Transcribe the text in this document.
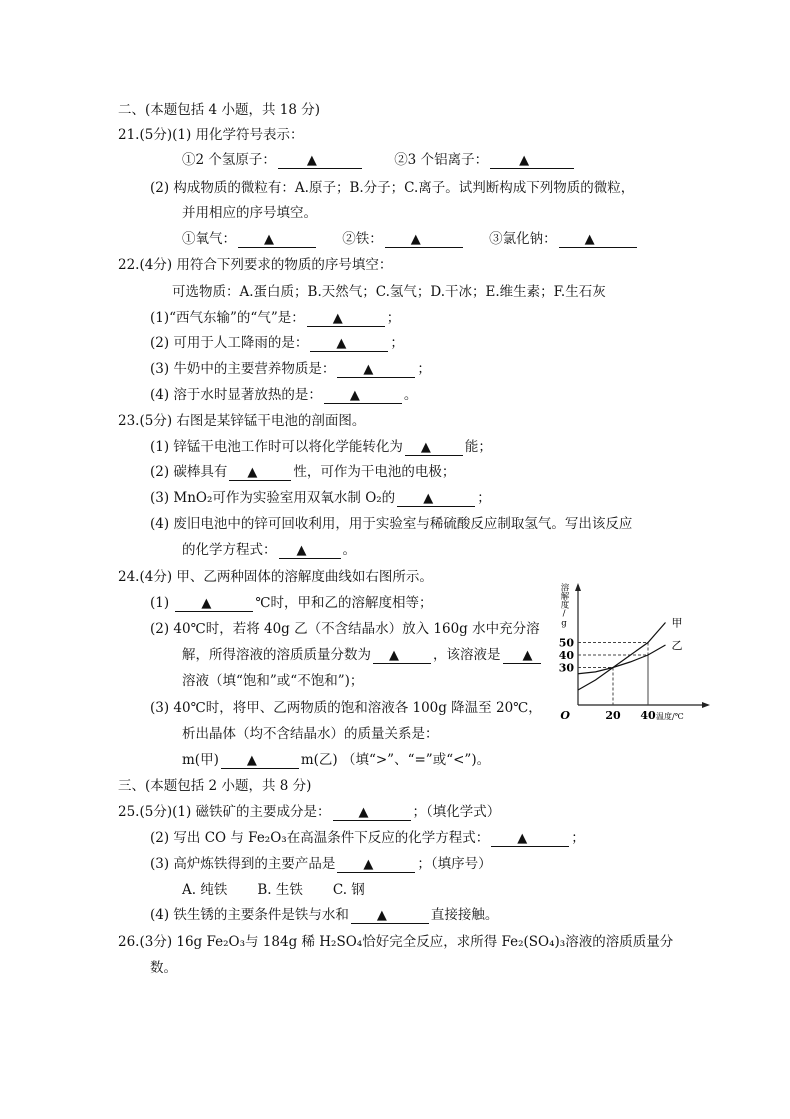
二、(本题包括 4 小题，共 18 分)
21.(5分)(1) 用化学符号表示：
①2 个氢原子： ▲	②3 个铝离子： ▲
(2) 构成物质的微粒有：A.原子；B.分子；C.离子。试判断构成下列物质的微粒，
并用相应的序号填空。
①氧气： ▲	②铁： ▲	③氯化钠： ▲
22.(4分) 用符合下列要求的物质的序号填空：
可选物质：A.蛋白质；B.天然气；C.氢气；D.干冰；E.维生素；F.生石灰
(1)“西气东输”的“气”是： ▲	；
(2) 可用于人工降雨的是： ▲	；
(3) 牛奶中的主要营养物质是： ▲	；
(4) 溶于水时显著放热的是： ▲	。
23.(5分) 右图是某锌锰干电池的剖面图。
(1) 锌锰干电池工作时可以将化学能转化为 ▲	能；
(2) 碳棒具有 ▲	性，可作为干电池的电极；
(3) MnO₂可作为实验室用双氧水制 O₂的 ▲	；
(4) 废旧电池中的锌可回收利用，用于实验室与稀硫酸反应制取氢气。写出该反应
的化学方程式： ▲	。
24.(4分) 甲、乙两种固体的溶解度曲线如右图所示。
(1) ▲	℃时，甲和乙的溶解度相等；
(2) 40℃时，若将 40g 乙（不含结晶水）放入 160g 水中充分溶
解，所得溶液的溶质质量分数为 ▲	，该溶液是 ▲
溶液（填“饱和”或“不饱和”)；
(3) 40℃时，将甲、乙两物质的饱和溶液各 100g 降温至 20℃，
析出晶体（均不含结晶水）的质量关系是：
m(甲) ▲	m(乙) （填“>”、“=”或“<”)。
溶解度/g
30
40
50
20 40
O	温度/℃
甲
乙
三、(本题包括 2 小题，共 8 分)
25.(5分)(1) 磁铁矿的主要成分是： ▲	；（填化学式）
(2) 写出 CO 与 Fe₂O₃在高温条件下反应的化学方程式： ▲	；
(3) 高炉炼铁得到的主要产品是 ▲	；（填序号）
A. 纯铁 B. 生铁 C. 钢
(4) 铁生锈的主要条件是铁与水和 ▲	直接接触。
26.(3分) 16g Fe₂O₃与 184g 稀 H₂SO₄恰好完全反应，求所得 Fe₂(SO₄)₃溶液的溶质质量分
数。
